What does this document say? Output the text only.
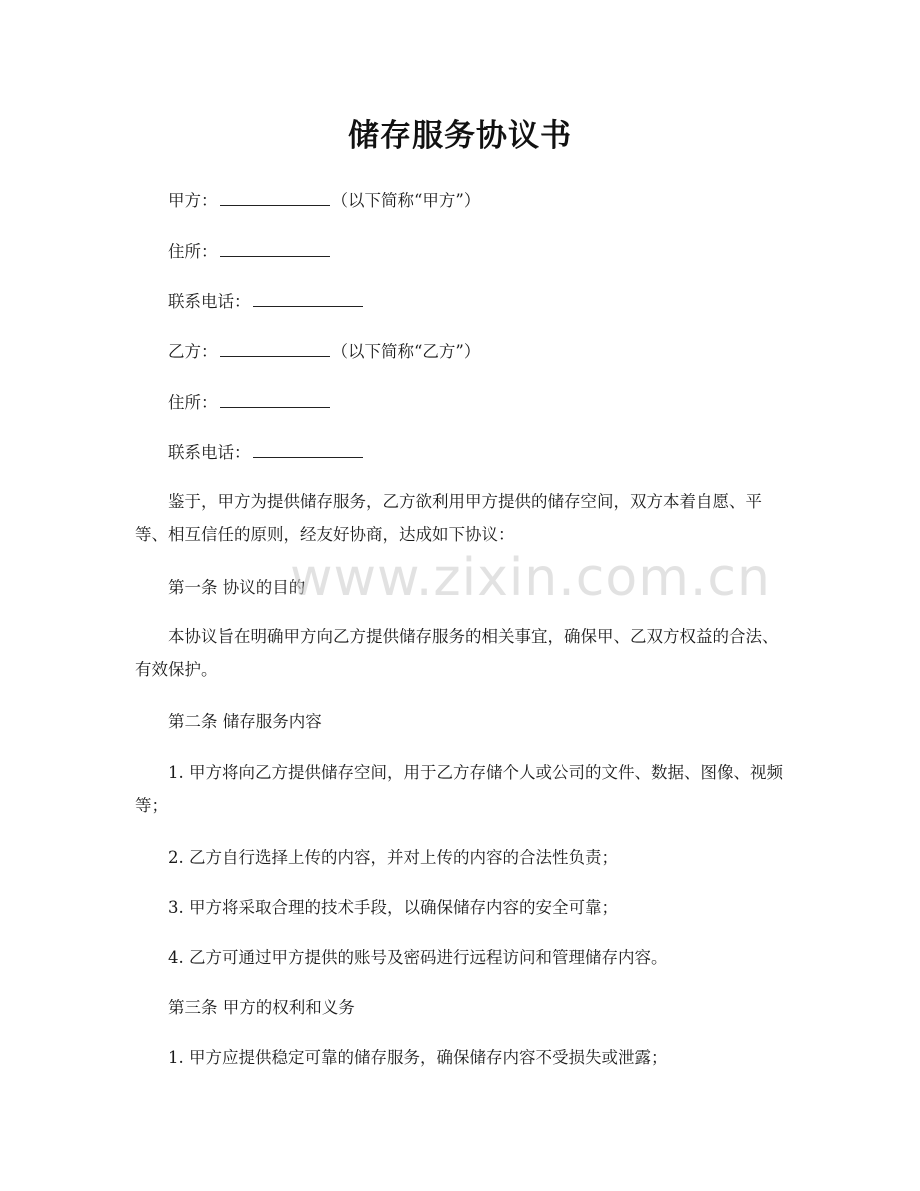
储存服务协议书
甲方：	（以下简称“甲方”）
住所：
联系电话：
乙方：	（以下简称“乙方”）
住所：
联系电话：
鉴于，甲方为提供储存服务，乙方欲利用甲方提供的储存空间，双方本着自愿、平等、相互信任的原则，经友好协商，达成如下协议：
第一条 协议的目的
本协议旨在明确甲方向乙方提供储存服务的相关事宜，确保甲、乙双方权益的合法、有效保护。
第二条 储存服务内容
1. 甲方将向乙方提供储存空间，用于乙方存储个人或公司的文件、数据、图像、视频等；
2. 乙方自行选择上传的内容，并对上传的内容的合法性负责；
3. 甲方将采取合理的技术手段，以确保储存内容的安全可靠；
4. 乙方可通过甲方提供的账号及密码进行远程访问和管理储存内容。
第三条 甲方的权利和义务
1. 甲方应提供稳定可靠的储存服务，确保储存内容不受损失或泄露；
www.zixin.com.cn
